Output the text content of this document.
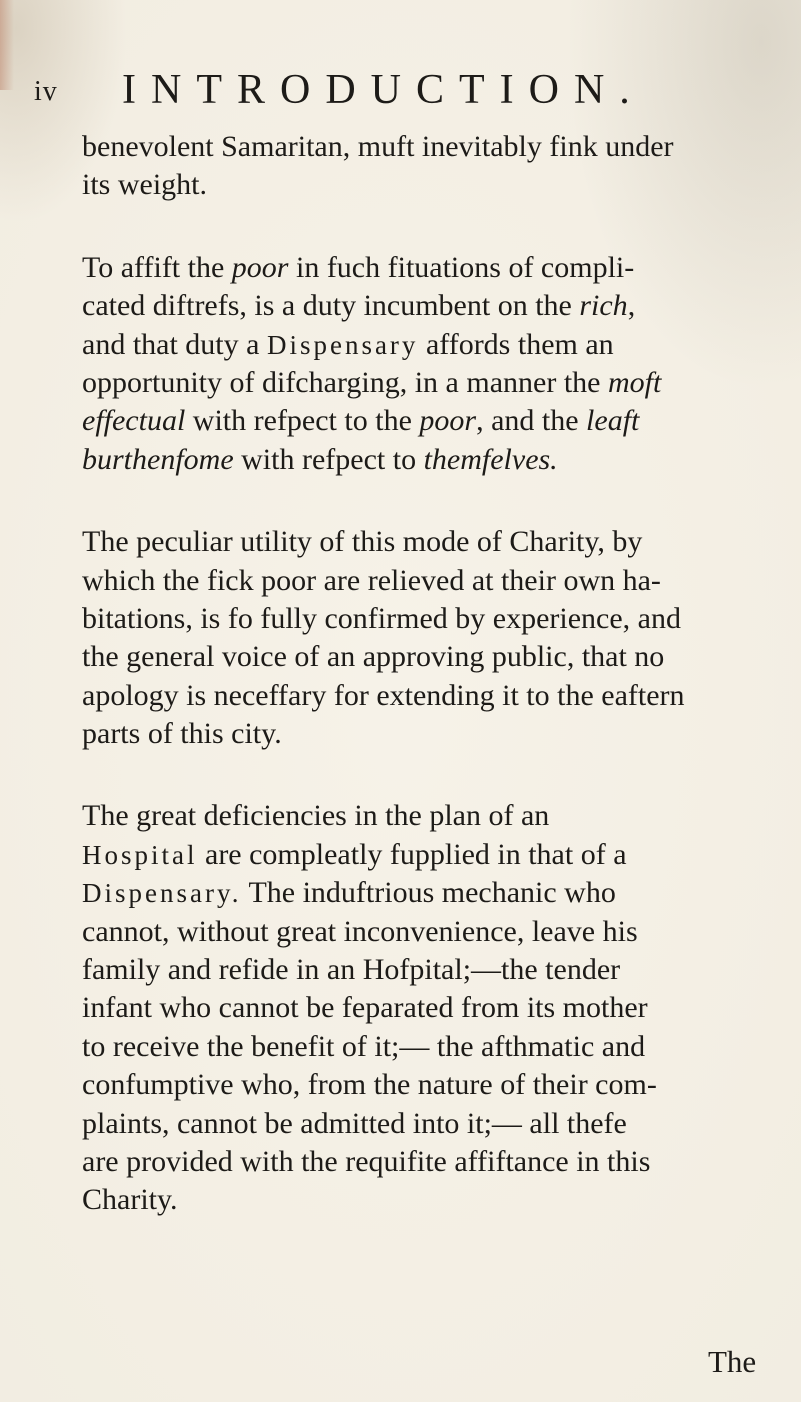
iv INTRODUCTION.
benevolent Samaritan, muft inevitably fink under
its weight.
To affift the poor in fuch fituations of compli-
cated diftrefs, is a duty incumbent on the rich,
and that duty a Dispensary affords them an
opportunity of difcharging, in a manner the moft
effectual with refpect to the poor, and the leaft
burthenfome with refpect to themfelves.
The peculiar utility of this mode of Charity, by
which the fick poor are relieved at their own ha-
bitations, is fo fully confirmed by experience, and
the general voice of an approving public, that no
apology is neceffary for extending it to the eaftern
parts of this city.
The great deficiencies in the plan of an
Hospital are compleatly fupplied in that of a
Dispensary. The induftrious mechanic who
cannot, without great inconvenience, leave his
family and refide in an Hofpital;—the tender
infant who cannot be feparated from its mother
to receive the benefit of it;— the afthmatic and
confumptive who, from the nature of their com-
plaints, cannot be admitted into it;— all thefe
are provided with the requifite affiftance in this
Charity.
The
